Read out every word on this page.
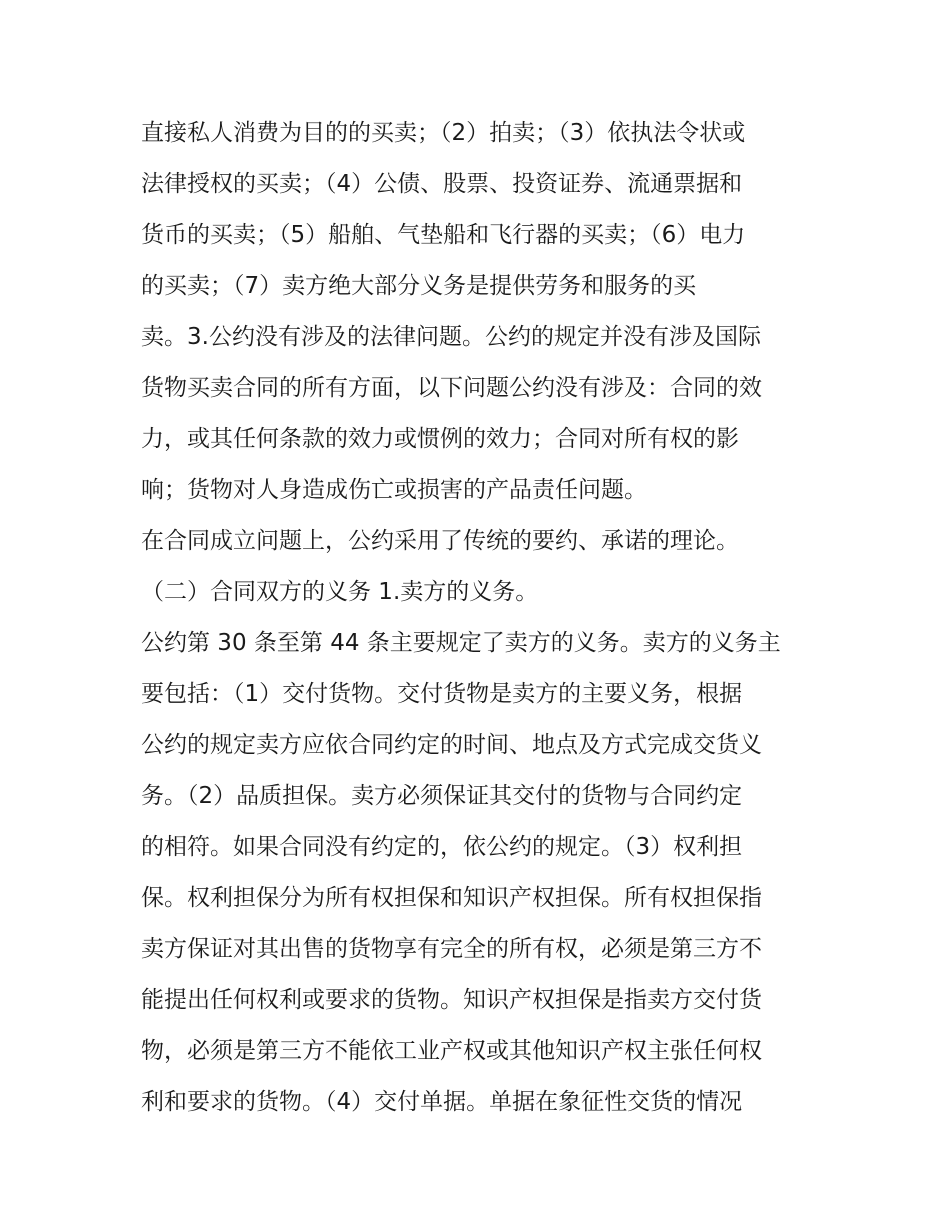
直接私人消费为目的的买卖；（2）拍卖；（3）依执法令状或
法律授权的买卖；（4）公债、股票、投资证券、流通票据和
货币的买卖；（5）船舶、气垫船和飞行器的买卖；（6）电力
的买卖；（7）卖方绝大部分义务是提供劳务和服务的买
卖。3.公约没有涉及的法律问题。公约的规定并没有涉及国际
货物买卖合同的所有方面，以下问题公约没有涉及：合同的效
力，或其任何条款的效力或惯例的效力；合同对所有权的影
响；货物对人身造成伤亡或损害的产品责任问题。
在合同成立问题上，公约采用了传统的要约、承诺的理论。
（二）合同双方的义务 1.卖方的义务。
公约第 30 条至第 44 条主要规定了卖方的义务。卖方的义务主
要包括：（1）交付货物。交付货物是卖方的主要义务，根据
公约的规定卖方应依合同约定的时间、地点及方式完成交货义
务。（2）品质担保。卖方必须保证其交付的货物与合同约定
的相符。如果合同没有约定的，依公约的规定。（3）权利担
保。权利担保分为所有权担保和知识产权担保。所有权担保指
卖方保证对其出售的货物享有完全的所有权，必须是第三方不
能提出任何权利或要求的货物。知识产权担保是指卖方交付货
物，必须是第三方不能依工业产权或其他知识产权主张任何权
利和要求的货物。（4）交付单据。单据在象征性交货的情况
